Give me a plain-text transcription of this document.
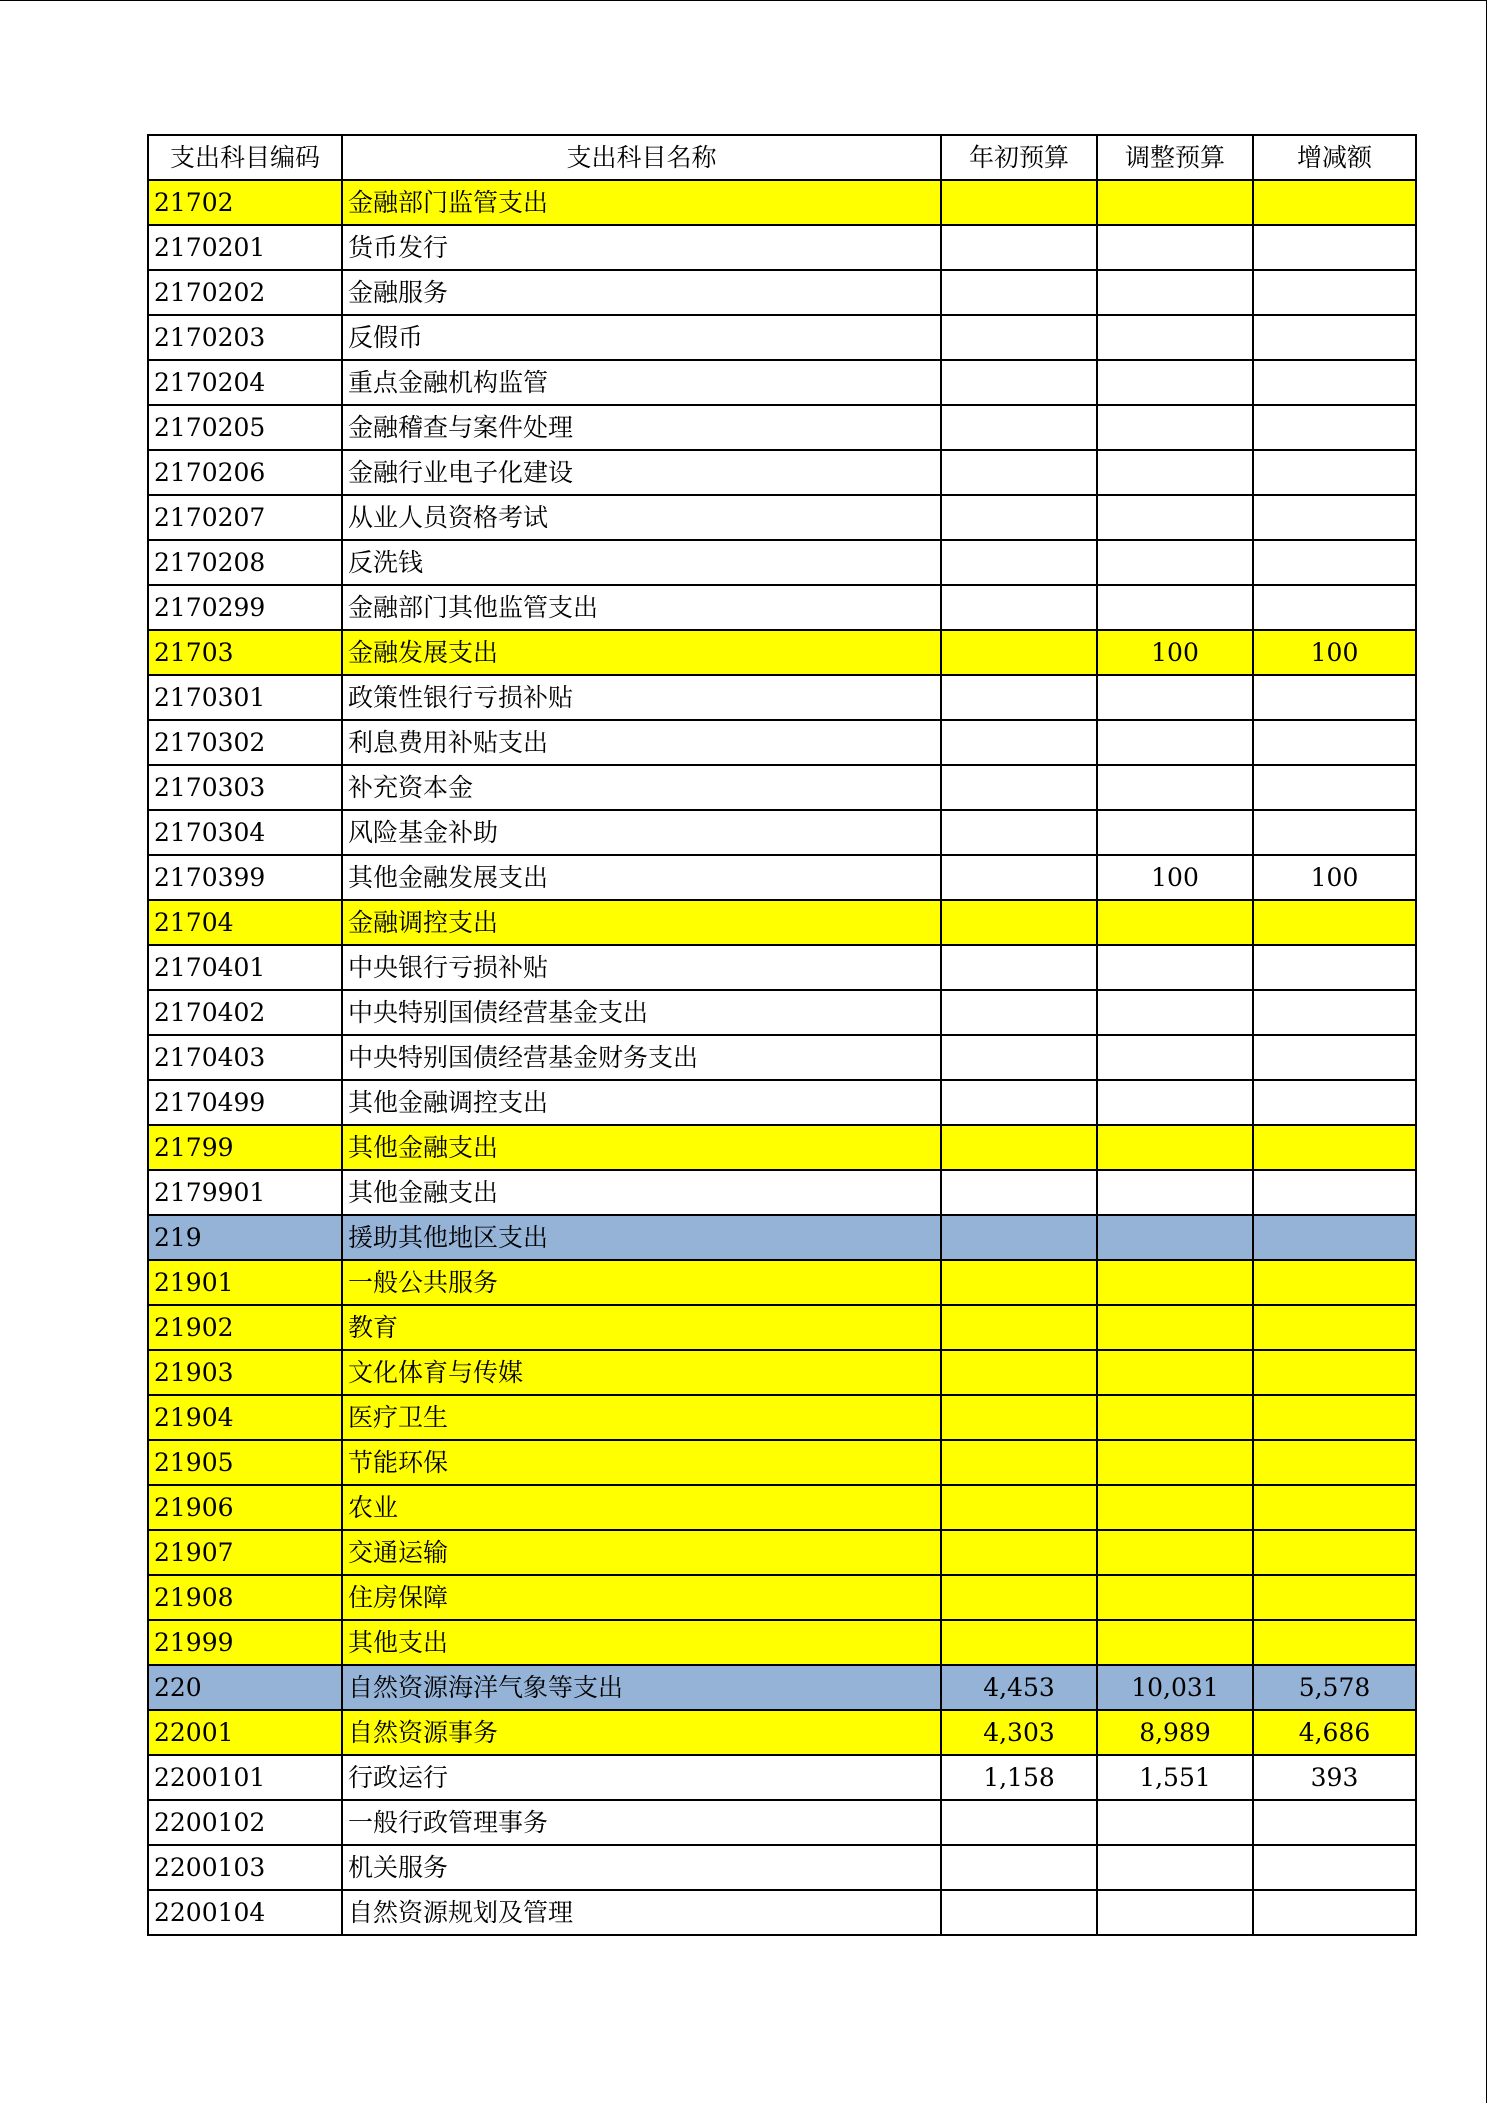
支出科目编码	支出科目名称	年初预算	调整预算	增减额
21702	金融部门监管支出			
2170201	货币发行			
2170202	金融服务			
2170203	反假币			
2170204	重点金融机构监管			
2170205	金融稽查与案件处理			
2170206	金融行业电子化建设			
2170207	从业人员资格考试			
2170208	反洗钱			
2170299	金融部门其他监管支出			
21703	金融发展支出		100	100
2170301	政策性银行亏损补贴			
2170302	利息费用补贴支出			
2170303	补充资本金			
2170304	风险基金补助			
2170399	其他金融发展支出		100	100
21704	金融调控支出			
2170401	中央银行亏损补贴			
2170402	中央特别国债经营基金支出			
2170403	中央特别国债经营基金财务支出			
2170499	其他金融调控支出			
21799	其他金融支出			
2179901	其他金融支出			
219	援助其他地区支出			
21901	一般公共服务			
21902	教育			
21903	文化体育与传媒			
21904	医疗卫生			
21905	节能环保			
21906	农业			
21907	交通运输			
21908	住房保障			
21999	其他支出			
220	自然资源海洋气象等支出	4,453	10,031	5,578
22001	自然资源事务	4,303	8,989	4,686
2200101	行政运行	1,158	1,551	393
2200102	一般行政管理事务			
2200103	机关服务			
2200104	自然资源规划及管理			
